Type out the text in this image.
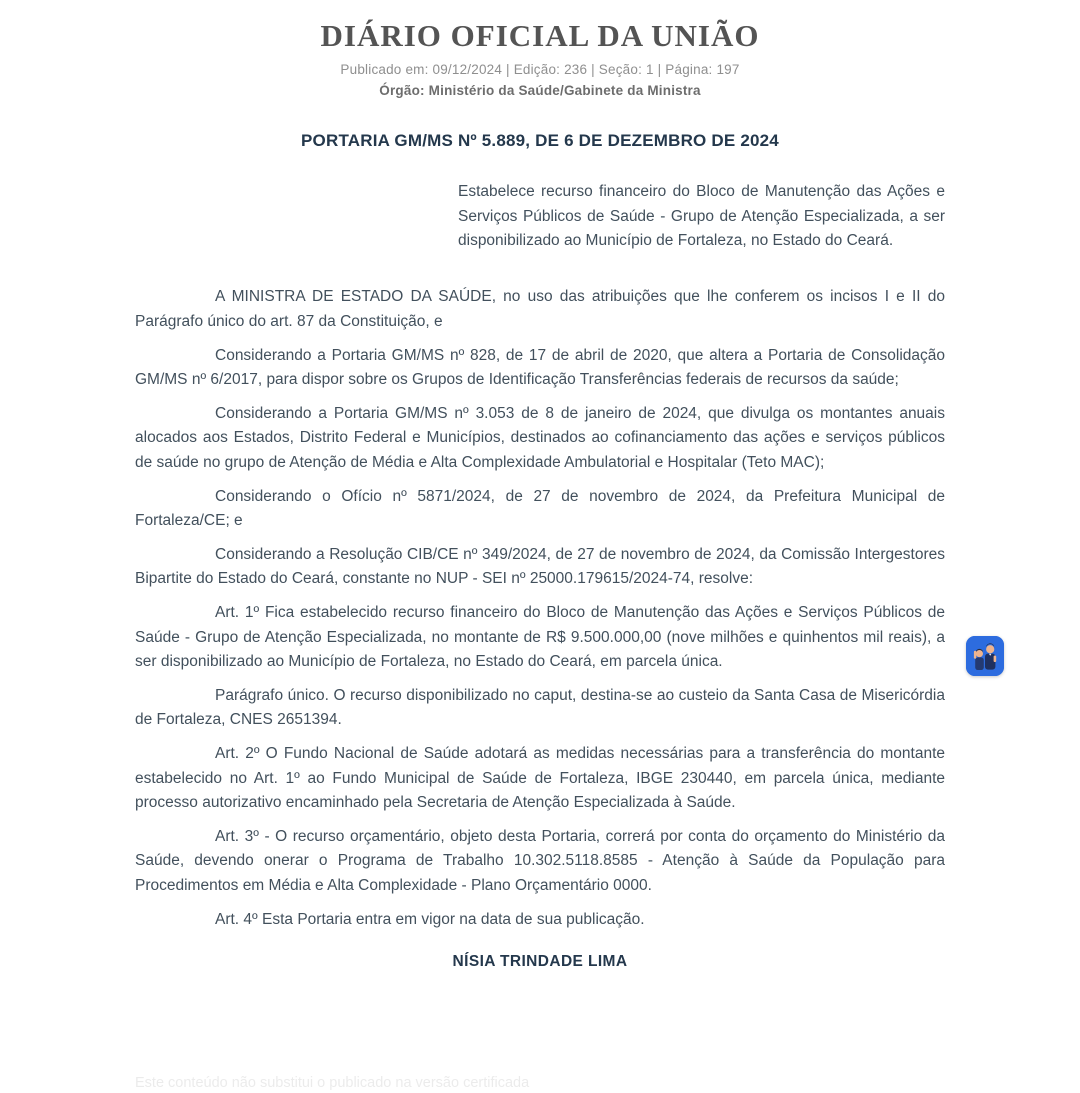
DIÁRIO OFICIAL DA UNIÃO
Publicado em: 09/12/2024 | Edição: 236 | Seção: 1 | Página: 197
Órgão: Ministério da Saúde/Gabinete da Ministra
PORTARIA GM/MS Nº 5.889, DE 6 DE DEZEMBRO DE 2024
Estabelece recurso financeiro do Bloco de Manutenção das Ações e Serviços Públicos de Saúde - Grupo de Atenção Especializada, a ser disponibilizado ao Município de Fortaleza, no Estado do Ceará.

A MINISTRA DE ESTADO DA SAÚDE, no uso das atribuições que lhe conferem os incisos I e II do Parágrafo único do art. 87 da Constituição, e

Considerando a Portaria GM/MS nº 828, de 17 de abril de 2020, que altera a Portaria de Consolidação GM/MS nº 6/2017, para dispor sobre os Grupos de Identificação Transferências federais de recursos da saúde;

Considerando a Portaria GM/MS nº 3.053 de 8 de janeiro de 2024, que divulga os montantes anuais alocados aos Estados, Distrito Federal e Municípios, destinados ao cofinanciamento das ações e serviços públicos de saúde no grupo de Atenção de Média e Alta Complexidade Ambulatorial e Hospitalar (Teto MAC);

Considerando o Ofício nº 5871/2024, de 27 de novembro de 2024, da Prefeitura Municipal de Fortaleza/CE; e

Considerando a Resolução CIB/CE nº 349/2024, de 27 de novembro de 2024, da Comissão Intergestores Bipartite do Estado do Ceará, constante no NUP - SEI nº 25000.179615/2024-74, resolve:

Art. 1º Fica estabelecido recurso financeiro do Bloco de Manutenção das Ações e Serviços Públicos de Saúde - Grupo de Atenção Especializada, no montante de R$ 9.500.000,00 (nove milhões e quinhentos mil reais), a ser disponibilizado ao Município de Fortaleza, no Estado do Ceará, em parcela única.

Parágrafo único. O recurso disponibilizado no caput, destina-se ao custeio da Santa Casa de Misericórdia de Fortaleza, CNES 2651394.

Art. 2º O Fundo Nacional de Saúde adotará as medidas necessárias para a transferência do montante estabelecido no Art. 1º ao Fundo Municipal de Saúde de Fortaleza, IBGE 230440, em parcela única, mediante processo autorizativo encaminhado pela Secretaria de Atenção Especializada à Saúde.

Art. 3º - O recurso orçamentário, objeto desta Portaria, correrá por conta do orçamento do Ministério da Saúde, devendo onerar o Programa de Trabalho 10.302.5118.8585 - Atenção à Saúde da População para Procedimentos em Média e Alta Complexidade - Plano Orçamentário 0000.

Art. 4º Esta Portaria entra em vigor na data de sua publicação.

NÍSIA TRINDADE LIMA
Este conteúdo não substitui o publicado na versão certificada
